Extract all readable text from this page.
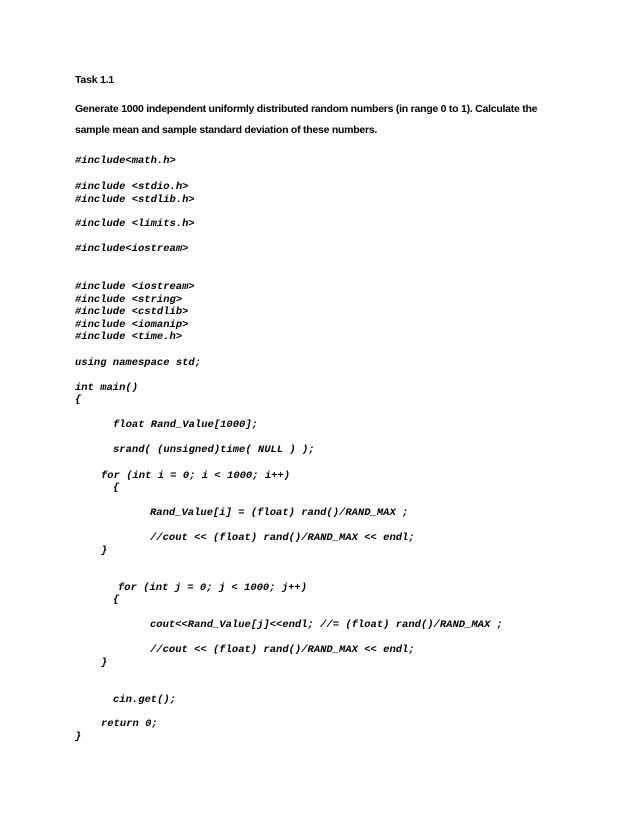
Task 1.1
Generate 1000 independent uniformly distributed random numbers (in range 0 to 1). Calculate the
sample mean and sample standard deviation of these numbers.
#include<math.h>
#include <stdio.h>
#include <stdlib.h>
#include <limits.h>
#include<iostream>
#include <iostream>
#include <string>
#include <cstdlib>
#include <iomanip>
#include <time.h>
using namespace std;
int main()
{
float Rand_Value[1000];
srand( (unsigned)time( NULL ) );
for (int i = 0; i < 1000; i++)
{
Rand_Value[i] = (float) rand()/RAND_MAX ;
//cout << (float) rand()/RAND_MAX << endl;
}
for (int j = 0; j < 1000; j++)
{
cout<<Rand_Value[j]<<endl; //= (float) rand()/RAND_MAX ;
//cout << (float) rand()/RAND_MAX << endl;
}
cin.get();
return 0;
}
